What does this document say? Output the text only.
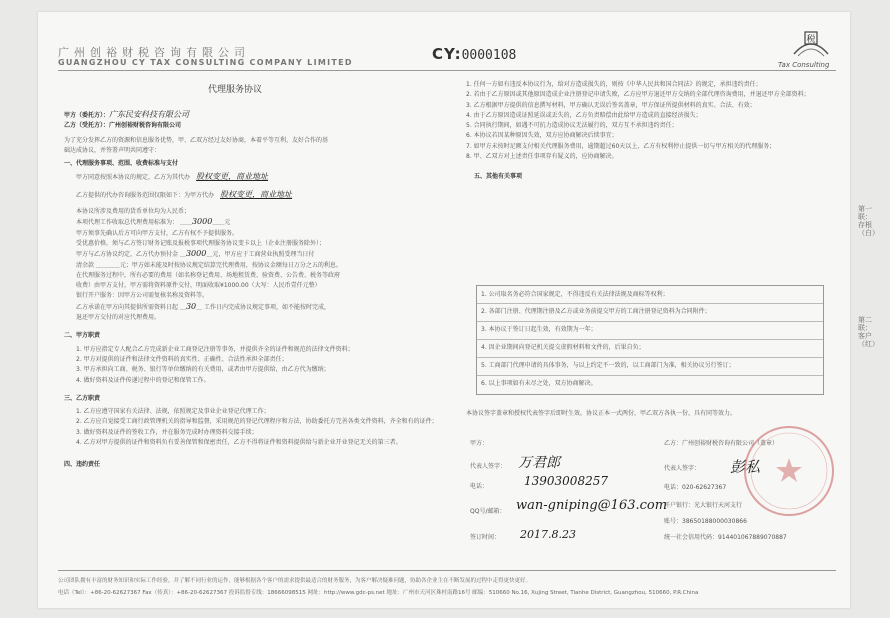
广州创裕财税咨询有限公司
GUANGZHOU CY TAX CONSULTING COMPANY LIMITED	CY:0000108
税
Tax Consulting
代理服务协议
甲方（委托方）：广东民安科技有限公司
乙方（受托方）：广州创裕财税咨询有限公司
为了充分发挥乙方的资源和信息服务优势，甲、乙双方经过友好协商，本着平等互利、友好合作的基
础达成协议，并签署声明共同遵守：
一、代理服务事项、范围、收费标准与支付
　　甲方同意按照本协议的规定，乙方为其代办　 股权变更，商业地址
　　乙方提供的代办咨询服务范围仅限如下：为甲方代办　 股权变更，商业地址
　　本协议所涉及费用的货币单位均为人民币；
　　本项代理工作收取总代理费用标准为： ＿＿3000＿＿元
　　甲方须事先确认后方可向甲方支付，乙方有权不予提供服务。
　　受优惠价格，须与乙方签订财务记账及报税事项代理服务协议变卡以上（企业注册服务除外）；
　　甲方与乙方协议约定，乙方代办预付金 ＿3000＿元，甲方应于工商营业执照受理当日付
　　清余款 ＿＿＿＿元；甲方如未能及时按协议规定结算完代理费用，按协议金额每日万分之五的利息。
　　在代理服务过程中，所有必要的费用（如名称登记费用、场地租赁费、验资费、公告费、税务等政府
　　收费）由甲方支付，甲方需将资料原件交付，明面收取¥1000.00（大写：人民币壹仟元整）
　　银行开户服务：因甲方公司需复核名称及资料等。
　　乙方承诺在甲方向其提供所需资料日起 ＿30＿ 工作日内完成协议规定事项，如不能按时完成，
　　退还甲方交付的对应代理费用。
二、甲方职责
　　1. 甲方应指定专人配合乙方完成新企业工商登记注册等事务，并提供齐全的证件和规范的法律文件资料；
　　2. 甲方对提供的证件和法律文件资料的真实性、正确性、合法性承担全部责任；
　　3. 甲方承担向工商、税务、银行等单位缴纳的有关费用，或者由甲方提供给，由乙方代为缴纳；
　　4. 做好资料及证件传递过程中的登记和保管工作。
三、乙方职责
　　1. 乙方应遵守国家有关法律、法规，依照规定及事业企业登记代理工作；
　　2. 乙方应自觉接受工商行政管理机关的指导和监督，采用规范的登记代理程序和方法，协助委托方完善各类文件资料，齐全和有的证件；
　　3. 做好资料及证件的签收工作，并在服务完成时办理资料交接手续；
　　4. 乙方对甲方提供的证件和资料负有妥善保管和保密责任，乙方不得将证件和资料提供给与新企业开业登记无关的第三者。
四、违约责任
1. 任何一方如有违反本协议行为，给对方造成损失的，则按《中华人民共和国合同法》的规定，承担违约责任；
2. 若由于乙方原因或其他原因造成企业注册登记申请失败，乙方应甲方退还甲方交纳的全部代理咨询费用，并退还甲方全部资料；
3. 乙方根据甲方提供的信息撰写材料，甲方确认无误后签名盖章，甲方保证所提供材料的真实、合法、有效；
4. 由于乙方原因造成证照延误或丢失的，乙方负责赔偿由此给甲方造成的直接经济损失；
5. 合同执行期间，如遇不可抗力造成协议无法履行的，双方互不承担违约责任；
6. 本协议若因某种原因失效，双方应协商解决后续事宜；
7. 如甲方未按时足额支付相关代理服务费用，逾期超过60天以上，乙方有权利停止提供一切与甲方相关的代理服务；
8. 甲、乙双方对上述责任事项存有疑义的，应协商解决。
五、其他有关事项
1. 公司取名务必符合国家规定，不得违反有关法律法规及商标等权利；
2. 各部门注册、代理期注册及乙方或业务前提交甲方的工商注册登记资料为合同附件；
3. 本协议于签订日起生效，有效期为一年；
4. 因企业期间向登记机关提交虚假材料和文件的，后果自负；
5. 工商部门代理申请的具体事务，与以上约定不一致的，以工商部门为准，相关协议另行签订；
6. 以上事项如有未尽之处，双方协商解决。
本协议签字盖章和授权代表签字后即时生效。协议正本一式两份，甲乙双方各执一份，具有同等效力。
甲方：
代表人签字：
电话：
QQ号/邮箱：
签订时间：
万君郎
13903008257
wan-gniping@163.com
2017.8.23
乙方：广州创裕财税咨询有限公司（盖章）
代表人签字：
电话：020-62627367
开户银行：光大银行天河支行
账号：38650188000030866
统一社会信用代码：914401067889070887
彭私
公司团队拥有丰富的财务知识和实际工作经验，并了解不同行业的运作，能够根据各个客户的需求提供最适合的财务服务，为客户解决疑难问题，协助各企业主在不断发展的过程中走得更快更好。
电话（Tel）：+86-20-62627367 Fax（传真）：+86-20-62627367 投诉监督专线：18666098515 网址：http://www.gdc-ps.net 地址：广州市天河区珠村南路16号 邮编：510660 No.16, Xujing Street, Tianhe District, Guangzhou, 510660, P.R.China
第一联：存根（白）
第二联：客户（红）
